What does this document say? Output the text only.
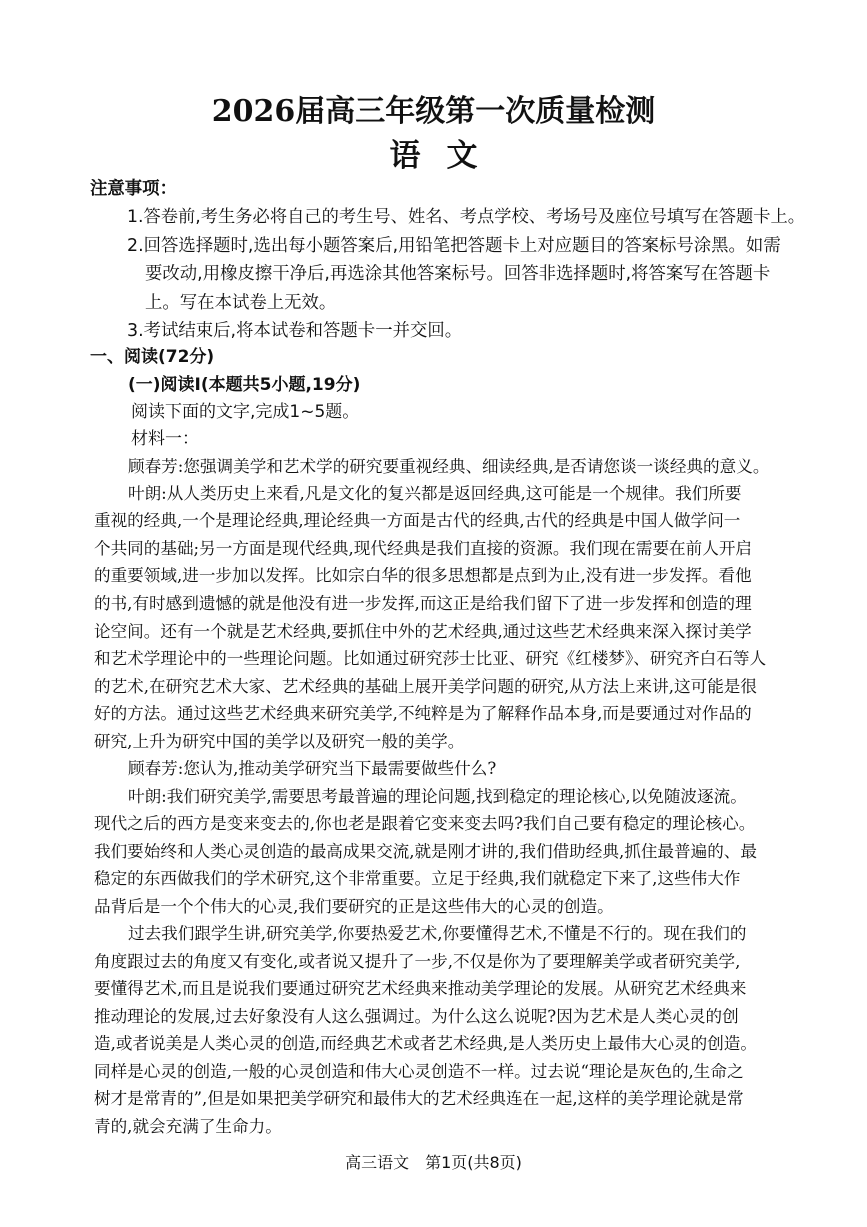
2026届高三年级第一次质量检测
语文
注意事项：
1.答卷前,考生务必将自己的考生号、姓名、考点学校、考场号及座位号填写在答题卡上。
2.回答选择题时,选出每小题答案后,用铅笔把答题卡上对应题目的答案标号涂黑。如需
要改动,用橡皮擦干净后,再选涂其他答案标号。回答非选择题时,将答案写在答题卡
上。写在本试卷上无效。
3.考试结束后,将本试卷和答题卡一并交回。
一、阅读(72分)
(一)阅读Ⅰ(本题共5小题,19分)
阅读下面的文字,完成1~5题。
材料一：
顾春芳:您强调美学和艺术学的研究要重视经典、细读经典,是否请您谈一谈经典的意义。
叶朗:从人类历史上来看,凡是文化的复兴都是返回经典,这可能是一个规律。我们所要
重视的经典,一个是理论经典,理论经典一方面是古代的经典,古代的经典是中国人做学问一
个共同的基础;另一方面是现代经典,现代经典是我们直接的资源。我们现在需要在前人开启
的重要领域,进一步加以发挥。比如宗白华的很多思想都是点到为止,没有进一步发挥。看他
的书,有时感到遗憾的就是他没有进一步发挥,而这正是给我们留下了进一步发挥和创造的理
论空间。还有一个就是艺术经典,要抓住中外的艺术经典,通过这些艺术经典来深入探讨美学
和艺术学理论中的一些理论问题。比如通过研究莎士比亚、研究《红楼梦》、研究齐白石等人
的艺术,在研究艺术大家、艺术经典的基础上展开美学问题的研究,从方法上来讲,这可能是很
好的方法。通过这些艺术经典来研究美学,不纯粹是为了解释作品本身,而是要通过对作品的
研究,上升为研究中国的美学以及研究一般的美学。
顾春芳:您认为,推动美学研究当下最需要做些什么?
叶朗:我们研究美学,需要思考最普遍的理论问题,找到稳定的理论核心,以免随波逐流。
现代之后的西方是变来变去的,你也老是跟着它变来变去吗?我们自己要有稳定的理论核心。
我们要始终和人类心灵创造的最高成果交流,就是刚才讲的,我们借助经典,抓住最普遍的、最
稳定的东西做我们的学术研究,这个非常重要。立足于经典,我们就稳定下来了,这些伟大作
品背后是一个个伟大的心灵,我们要研究的正是这些伟大的心灵的创造。
过去我们跟学生讲,研究美学,你要热爱艺术,你要懂得艺术,不懂是不行的。现在我们的
角度跟过去的角度又有变化,或者说又提升了一步,不仅是你为了要理解美学或者研究美学,
要懂得艺术,而且是说我们要通过研究艺术经典来推动美学理论的发展。从研究艺术经典来
推动理论的发展,过去好象没有人这么强调过。为什么这么说呢?因为艺术是人类心灵的创
造,或者说美是人类心灵的创造,而经典艺术或者艺术经典,是人类历史上最伟大心灵的创造。
同样是心灵的创造,一般的心灵创造和伟大心灵创造不一样。过去说“理论是灰色的,生命之
树才是常青的”,但是如果把美学研究和最伟大的艺术经典连在一起,这样的美学理论就是常
青的,就会充满了生命力。
高三语文　第1页(共8页)
